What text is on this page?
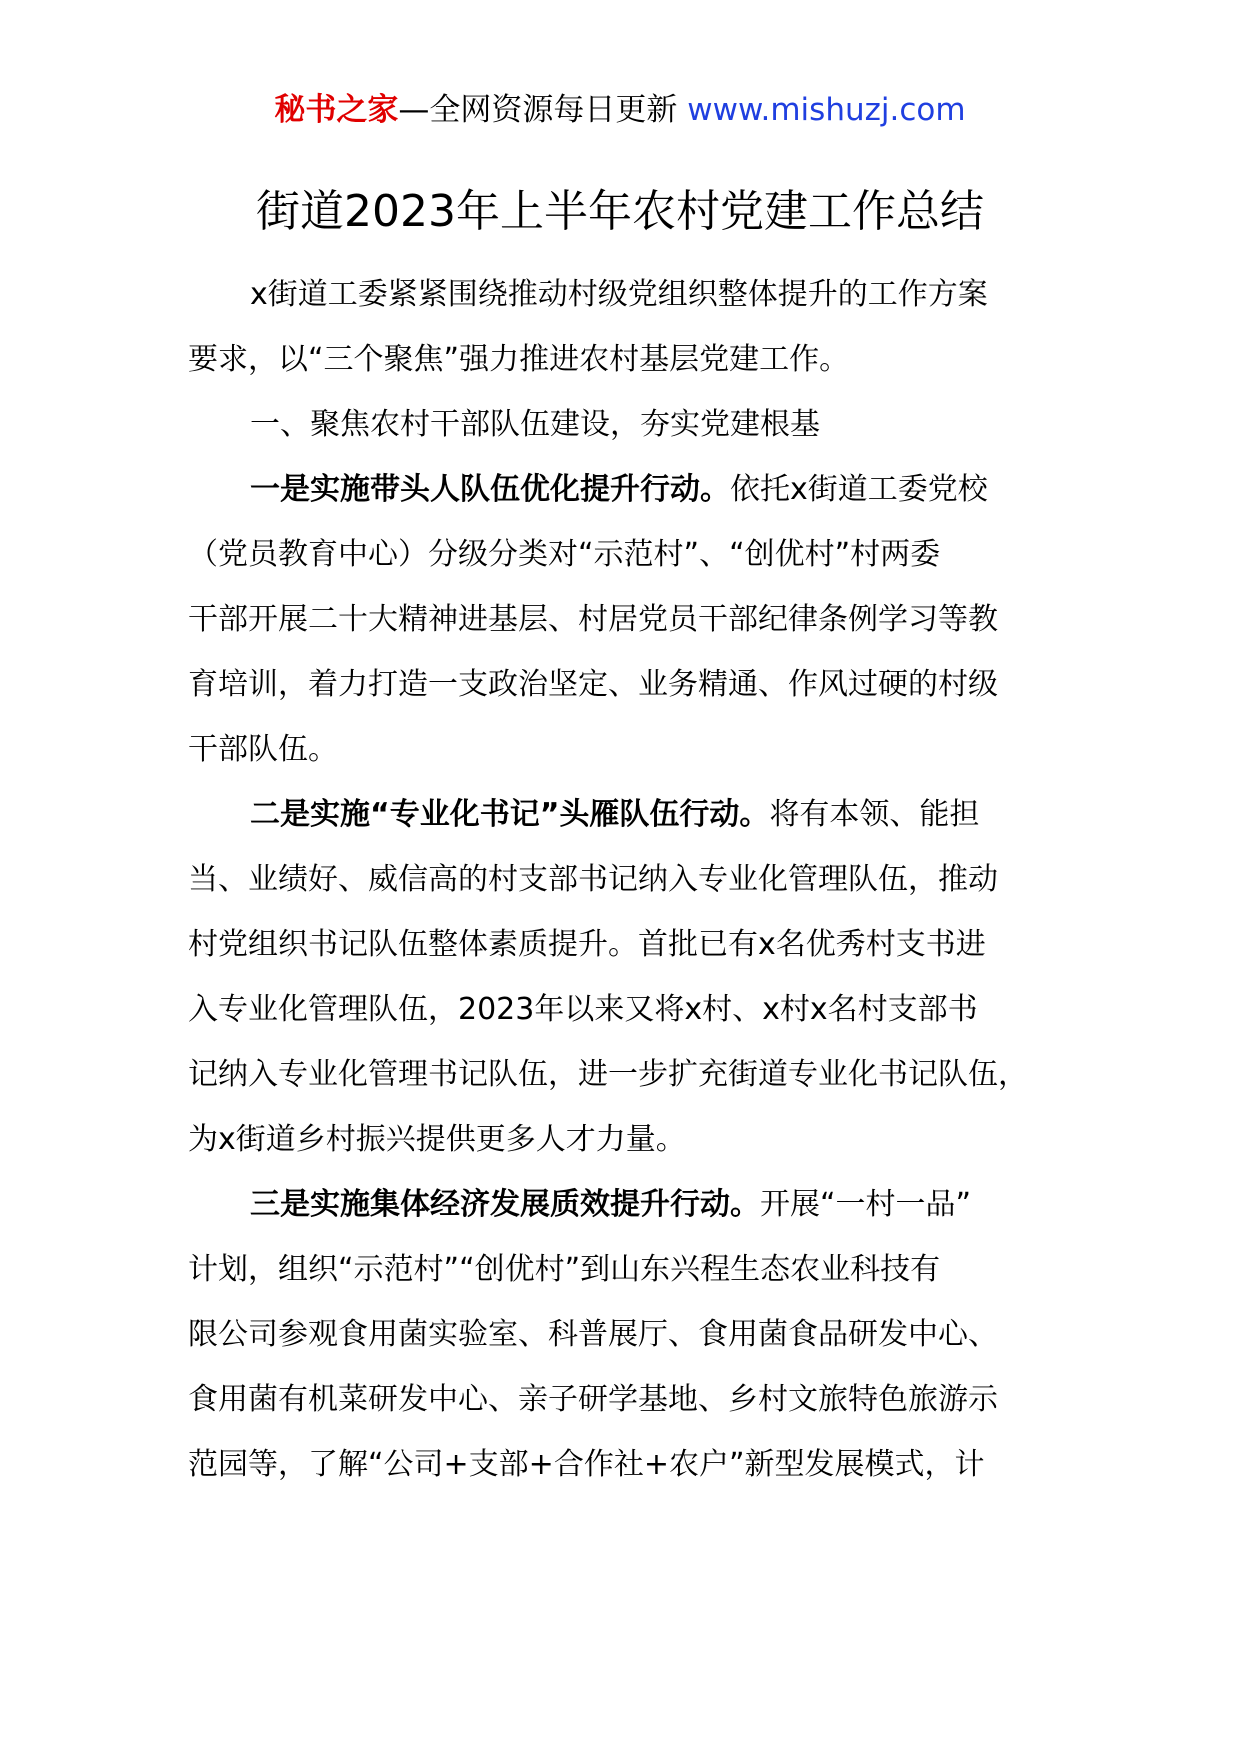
秘书之家—全网资源每日更新 www.mishuzj.com
街道2023年上半年农村党建工作总结
x街道工委紧紧围绕推动村级党组织整体提升的工作方案
要求，以“三个聚焦”强力推进农村基层党建工作。
一、聚焦农村干部队伍建设，夯实党建根基
一是实施带头人队伍优化提升行动。依托x街道工委党校
（党员教育中心）分级分类对“示范村”、“创优村”村两委
干部开展二十大精神进基层、村居党员干部纪律条例学习等教
育培训，着力打造一支政治坚定、业务精通、作风过硬的村级
干部队伍。
二是实施“专业化书记”头雁队伍行动。将有本领、能担
当、业绩好、威信高的村支部书记纳入专业化管理队伍，推动
村党组织书记队伍整体素质提升。首批已有x名优秀村支书进
入专业化管理队伍，2023年以来又将x村、x村x名村支部书
记纳入专业化管理书记队伍，进一步扩充街道专业化书记队伍，
为x街道乡村振兴提供更多人才力量。
三是实施集体经济发展质效提升行动。开展“一村一品”
计划，组织“示范村”“创优村”到山东兴程生态农业科技有
限公司参观食用菌实验室、科普展厅、食用菌食品研发中心、
食用菌有机菜研发中心、亲子研学基地、乡村文旅特色旅游示
范园等，了解“公司+支部+合作社+农户”新型发展模式，计
